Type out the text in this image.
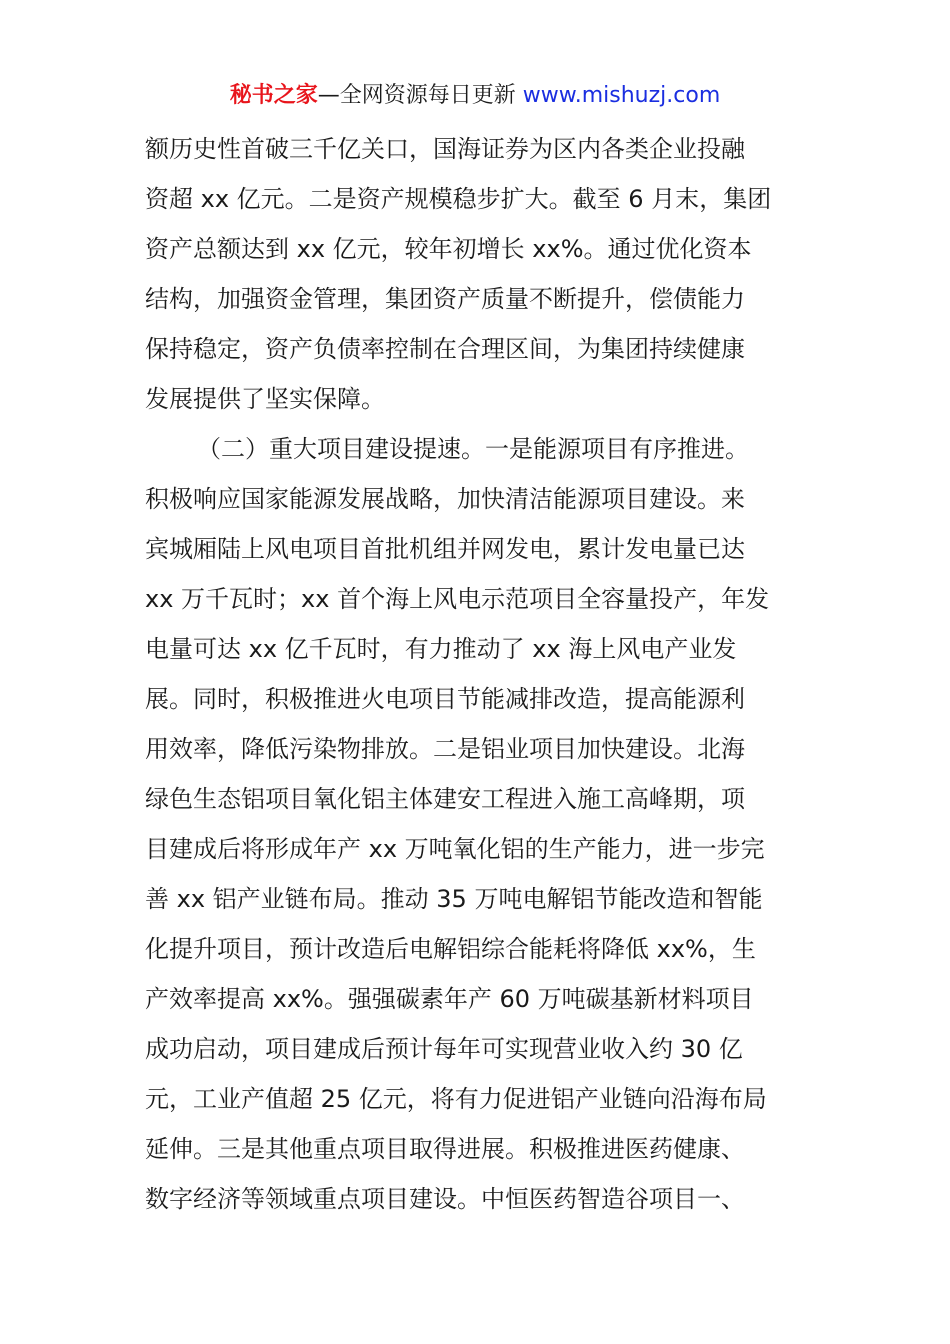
秘书之家—全网资源每日更新 www.mishuzj.com
额历史性首破三千亿关口，国海证券为区内各类企业投融
资超 xx 亿元。二是资产规模稳步扩大。截至 6 月末，集团
资产总额达到 xx 亿元，较年初增长 xx%。通过优化资本
结构，加强资金管理，集团资产质量不断提升，偿债能力
保持稳定，资产负债率控制在合理区间，为集团持续健康
发展提供了坚实保障。
（二）重大项目建设提速。一是能源项目有序推进。
积极响应国家能源发展战略，加快清洁能源项目建设。来
宾城厢陆上风电项目首批机组并网发电，累计发电量已达
xx 万千瓦时；xx 首个海上风电示范项目全容量投产，年发
电量可达 xx 亿千瓦时，有力推动了 xx 海上风电产业发
展。同时，积极推进火电项目节能减排改造，提高能源利
用效率，降低污染物排放。二是铝业项目加快建设。北海
绿色生态铝项目氧化铝主体建安工程进入施工高峰期，项
目建成后将形成年产 xx 万吨氧化铝的生产能力，进一步完
善 xx 铝产业链布局。推动 35 万吨电解铝节能改造和智能
化提升项目，预计改造后电解铝综合能耗将降低 xx%，生
产效率提高 xx%。强强碳素年产 60 万吨碳基新材料项目
成功启动，项目建成后预计每年可实现营业收入约 30 亿
元，工业产值超 25 亿元，将有力促进铝产业链向沿海布局
延伸。三是其他重点项目取得进展。积极推进医药健康、
数字经济等领域重点项目建设。中恒医药智造谷项目一、
